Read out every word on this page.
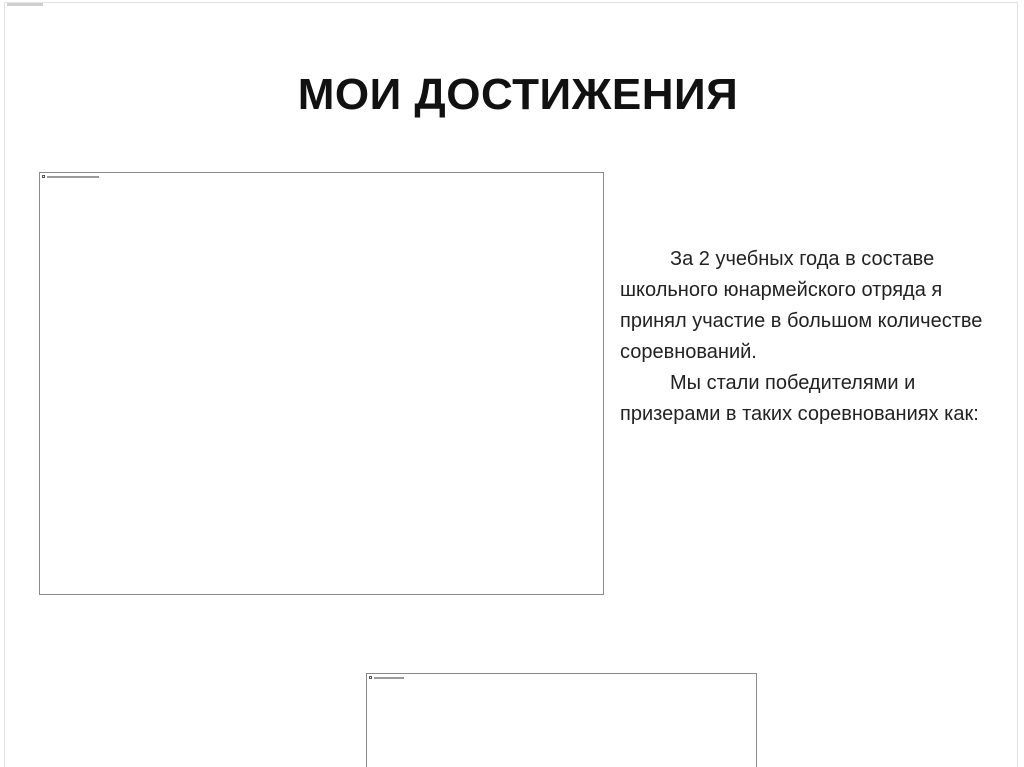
МОИ ДОСТИЖЕНИЯ

За 2 учебных года в составе школьного юнармейского отряда я принял участие в большом количестве соревнований.

Мы стали победителями и призерами в таких соревнованиях как:
